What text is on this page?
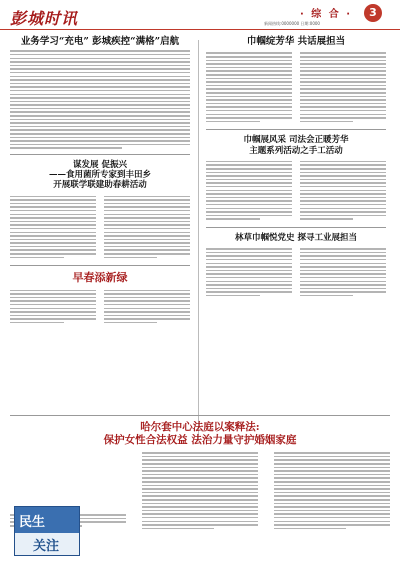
彭城时讯	· 综 合 ·	3
新闻热线:0000000 日期:0000
业务学习“充电” 彭城疾控“满格”启航
谋发展 促振兴
——食用菌所专家到丰田乡
开展联学联建助春耕活动
早春添新绿
巾帼绽芳华 共话展担当
巾帼展风采 司法会正暖芳华
主题系列活动之手工活动
林草巾帼悦党史 探寻工业展担当
哈尔套中心法庭以案释法:
保护女性合法权益 法治力量守护婚姻家庭
民生
关注
